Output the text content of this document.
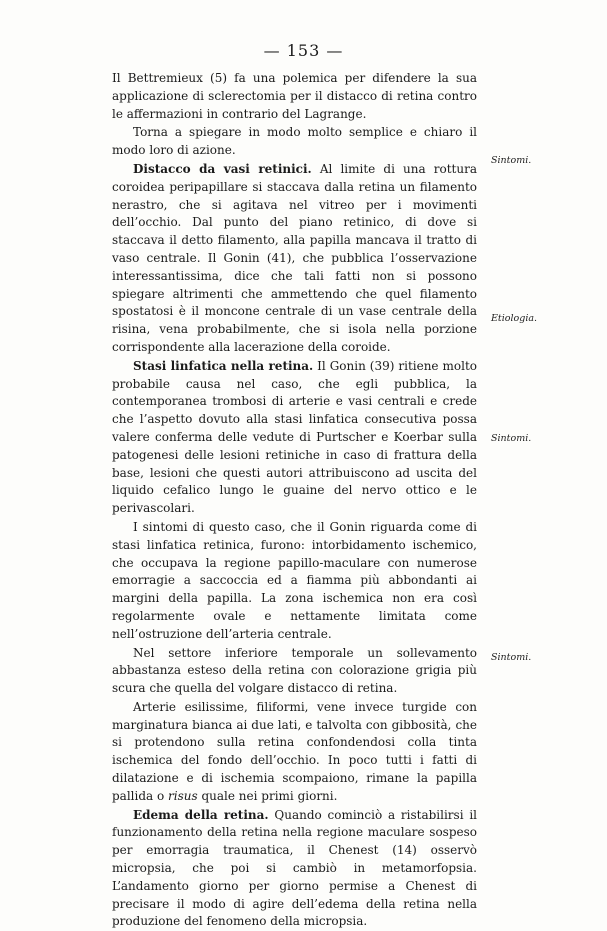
— 153 —

Il Bettremieux (5) fa una polemica per difendere la sua applicazione di sclerectomia per il distacco di retina contro le affermazioni in contrario del Lagrange.

Torna a spiegare in modo molto semplice e chiaro il modo loro di azione.

Distacco da vasi retinici. Al limite di una rottura coroidea peripapillare si staccava dalla retina un filamento nerastro, che si agitava nel vitreo per i movimenti dell’occhio. Dal punto del piano retinico, di dove si staccava il detto filamento, alla papilla mancava il tratto di vaso centrale. Il Gonin (41), che pubblica l’osservazione interessantissima, dice che tali fatti non si possono spiegare altrimenti che ammettendo che quel filamento spostatosi è il moncone centrale di un vase centrale della risina, vena probabilmente, che si isola nella porzione corrispondente alla lacerazione della coroide.

Stasi linfatica nella retina. Il Gonin (39) ritiene molto probabile causa nel caso, che egli pubblica, la contemporanea trombosi di arterie e vasi centrali e crede che l’aspetto dovuto alla stasi linfatica consecutiva possa valere conferma delle vedute di Purtscher e Koerbar sulla patogenesi delle lesioni retiniche in caso di frattura della base, lesioni che questi autori attribuiscono ad uscita del liquido cefalico lungo le guaine del nervo ottico e le perivascolari.

I sintomi di questo caso, che il Gonin riguarda come di stasi linfatica retinica, furono: intorbidamento ischemico, che occupava la regione papillo-maculare con numerose emorragie a saccoccia ed a fiamma più abbondanti ai margini della papilla. La zona ischemica non era così regolarmente ovale e nettamente limitata come nell’ostruzione dell’arteria centrale.

Nel settore inferiore temporale un sollevamento abbastanza esteso della retina con colorazione grigia più scura che quella del volgare distacco di retina.

Arterie esilissime, filiformi, vene invece turgide con marginatura bianca ai due lati, e talvolta con gibbosità, che si protendono sulla retina confondendosi colla tinta ischemica del fondo dell’occhio. In poco tutti i fatti di dilatazione e di ischemia scompaiono, rimane la papilla pallida o risus quale nei primi giorni.

Edema della retina. Quando cominciò a ristabilirsi il funzionamento della retina nella regione maculare sospeso per emorragia traumatica, il Chenest (14) osservò micropsia, che poi si cambiò in metamorfopsia. L’andamento giorno per giorno permise a Chenest di precisare il modo di agire dell’edema della retina nella produzione del fenomeno della micropsia.

Sintomi.
Etiologia.
Sintomi.
Sintomi.
